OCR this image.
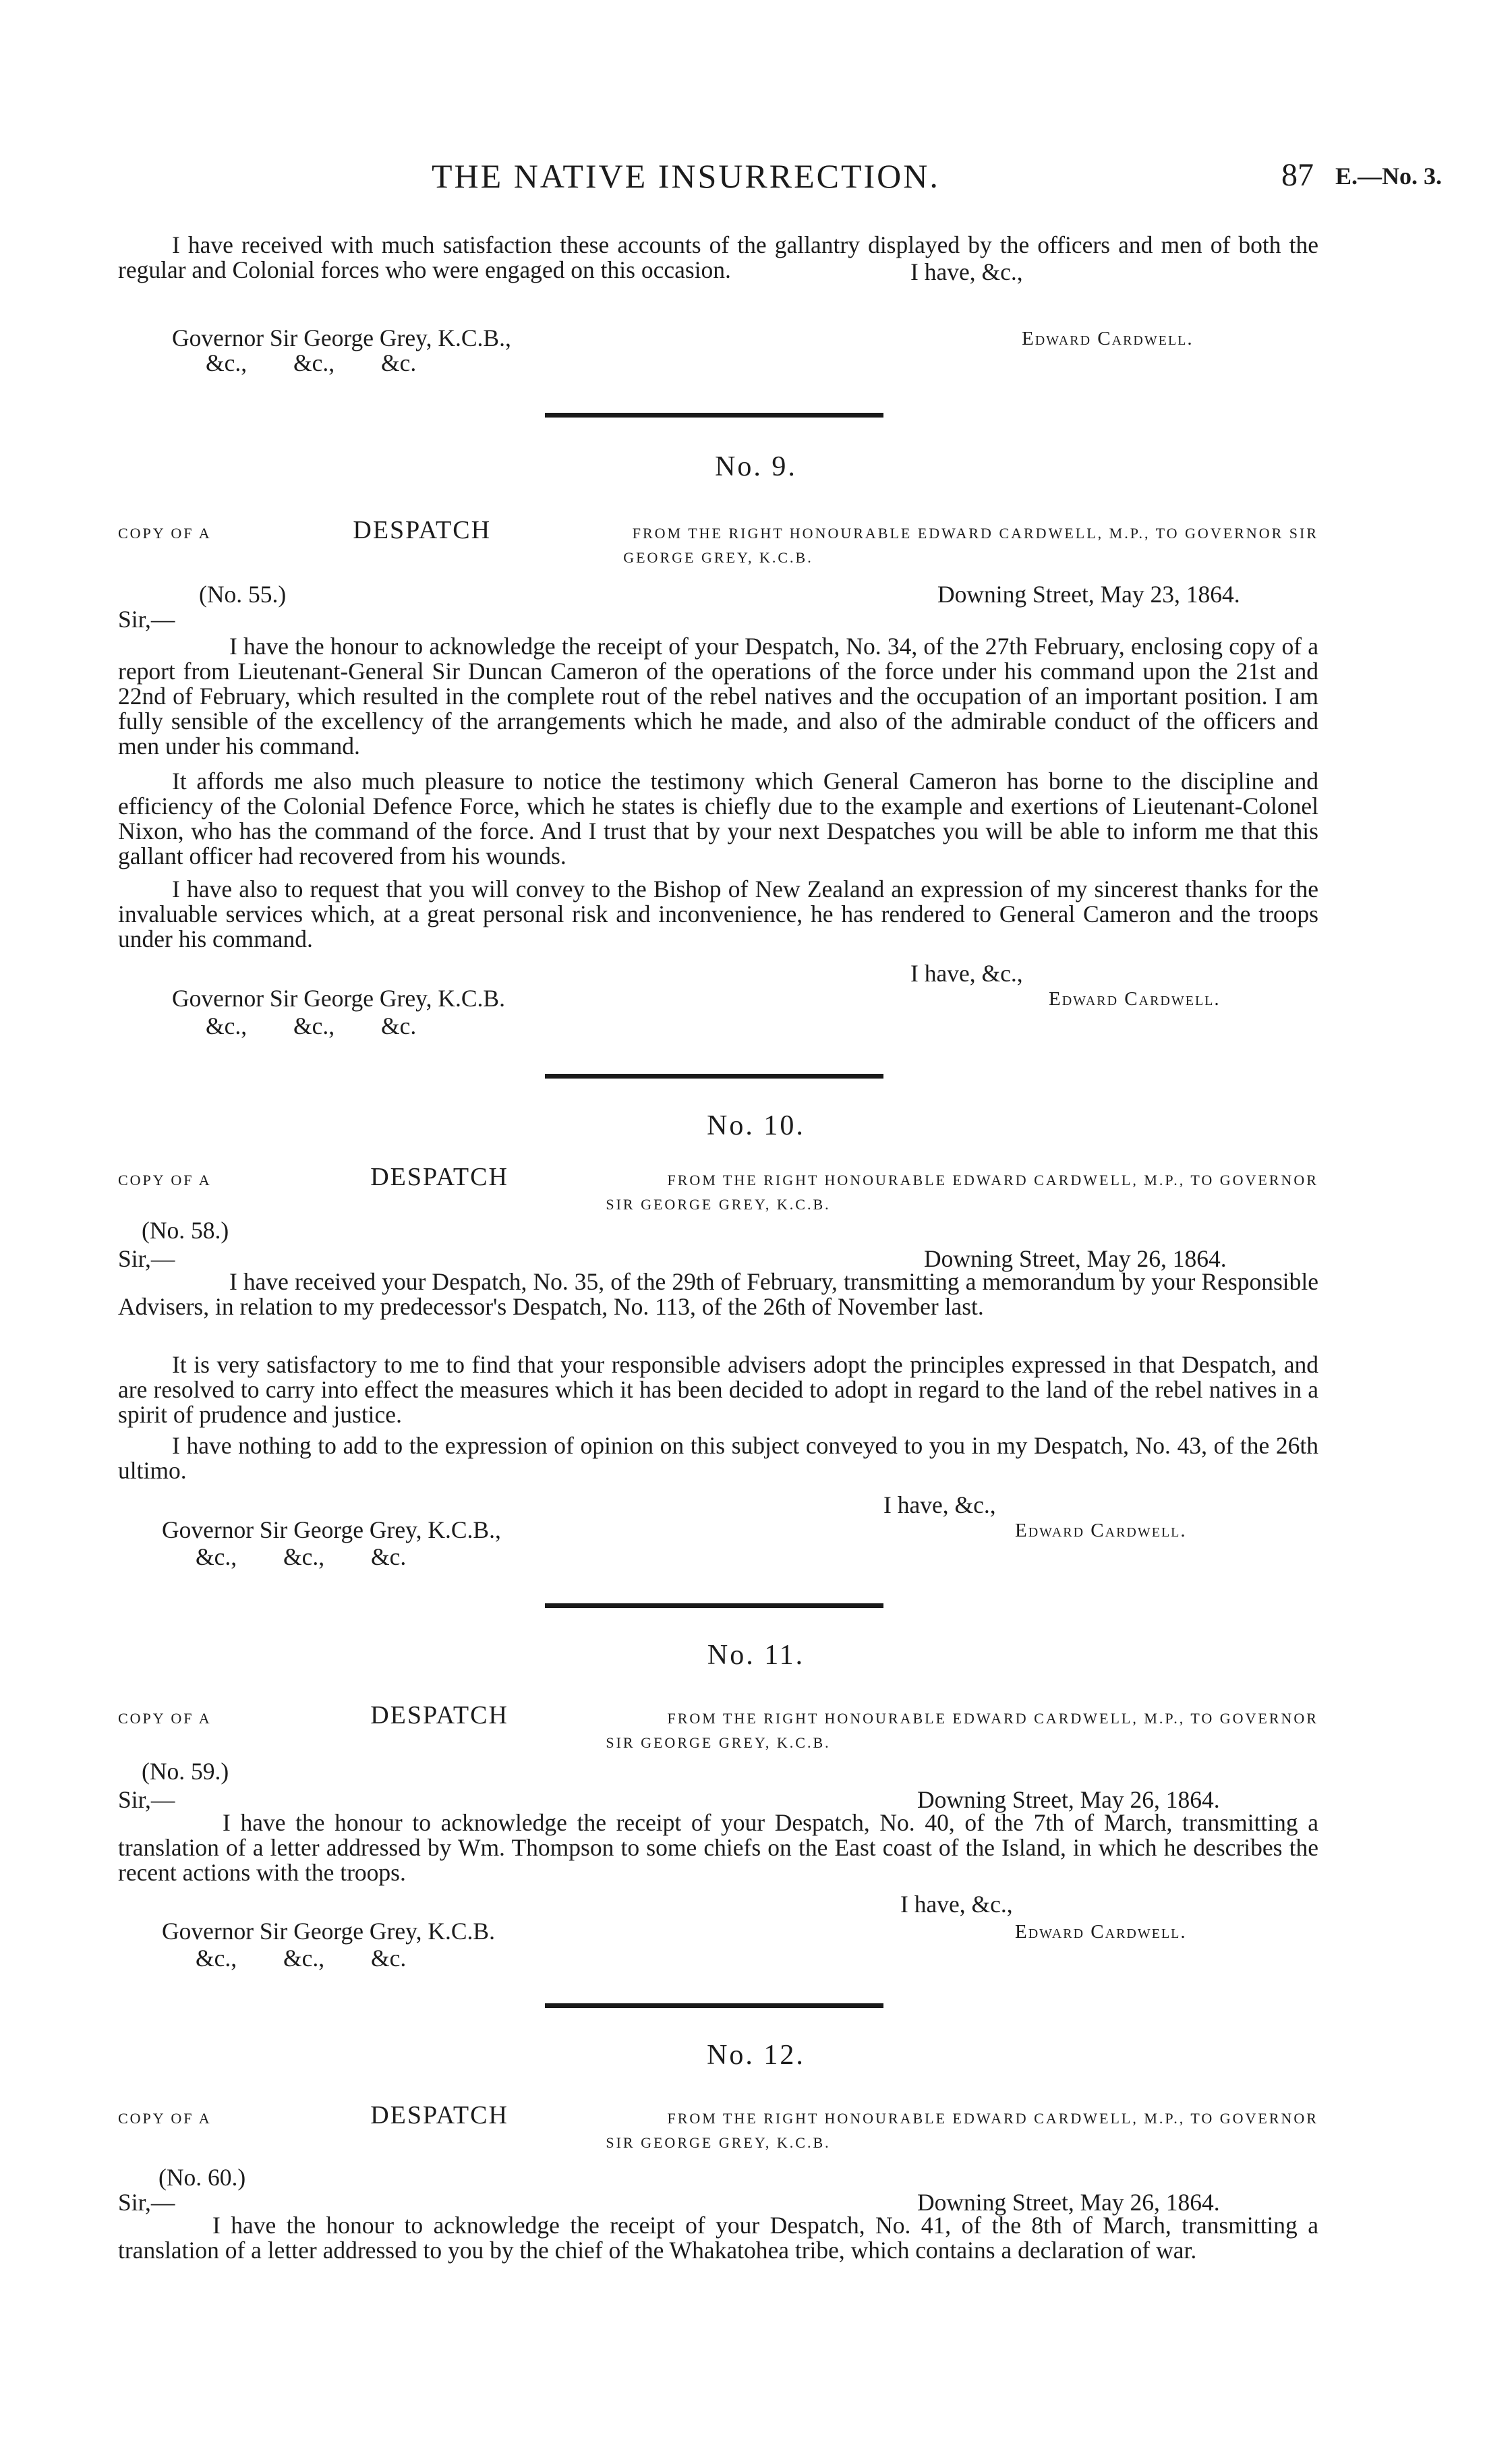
THE NATIVE INSURRECTION.	87 E.—No. 3.
I have received with much satisfaction these accounts of the gallantry displayed by the officers and men of both the regular and Colonial forces who were engaged on this occasion.	I have, &c.,
Governor Sir George Grey, K.C.B.,	Edward Cardwell.
&c., &c., &c.
No. 9.
COPY OF A	DESPATCH	FROM THE RIGHT HONOURABLE EDWARD CARDWELL, M.P., TO GOVERNOR SIR
GEORGE GREY, K.C.B.
(No. 55.)	Downing Street, May 23, 1864.
Sir,—
I have the honour to acknowledge the receipt of your Despatch, No. 34, of the 27th February, enclosing copy of a report from Lieutenant-General Sir Duncan Cameron of the operations of the force under his command upon the 21st and 22nd of February, which resulted in the complete rout of the rebel natives and the occupation of an important position. I am fully sensible of the excellency of the arrangements which he made, and also of the admirable conduct of the officers and men under his command.
It affords me also much pleasure to notice the testimony which General Cameron has borne to the discipline and efficiency of the Colonial Defence Force, which he states is chiefly due to the example and exertions of Lieutenant-Colonel Nixon, who has the command of the force. And I trust that by your next Despatches you will be able to inform me that this gallant officer had recovered from his wounds.
I have also to request that you will convey to the Bishop of New Zealand an expression of my sincerest thanks for the invaluable services which, at a great personal risk and inconvenience, he has rendered to General Cameron and the troops under his command.
I have, &c.,
Governor Sir George Grey, K.C.B.	Edward Cardwell.
&c., &c., &c.
No. 10.
COPY OF A	DESPATCH	FROM THE RIGHT HONOURABLE EDWARD CARDWELL, M.P., TO GOVERNOR
SIR GEORGE GREY, K.C.B.
(No. 58.)
Sir,—	Downing Street, May 26, 1864.
I have received your Despatch, No. 35, of the 29th of February, transmitting a memorandum by your Responsible Advisers, in relation to my predecessor's Despatch, No. 113, of the 26th of November last.
It is very satisfactory to me to find that your responsible advisers adopt the principles expressed in that Despatch, and are resolved to carry into effect the measures which it has been decided to adopt in regard to the land of the rebel natives in a spirit of prudence and justice.
I have nothing to add to the expression of opinion on this subject conveyed to you in my Despatch, No. 43, of the 26th ultimo.
I have, &c.,
Governor Sir George Grey, K.C.B.,	Edward Cardwell.
&c., &c., &c.
No. 11.
COPY OF A	DESPATCH	FROM THE RIGHT HONOURABLE EDWARD CARDWELL, M.P., TO GOVERNOR
SIR GEORGE GREY, K.C.B.
(No. 59.)
Sir,—	Downing Street, May 26, 1864.
I have the honour to acknowledge the receipt of your Despatch, No. 40, of the 7th of March, transmitting a translation of a letter addressed by Wm. Thompson to some chiefs on the East coast of the Island, in which he describes the recent actions with the troops.
I have, &c.,
Governor Sir George Grey, K.C.B.	Edward Cardwell.
&c., &c., &c.
No. 12.
COPY OF A	DESPATCH	FROM THE RIGHT HONOURABLE EDWARD CARDWELL, M.P., TO GOVERNOR
SIR GEORGE GREY, K.C.B.
(No. 60.)
Sir,—	Downing Street, May 26, 1864.
I have the honour to acknowledge the receipt of your Despatch, No. 41, of the 8th of March, transmitting a translation of a letter addressed to you by the chief of the Whakatohea tribe, which contains a declaration of war.
